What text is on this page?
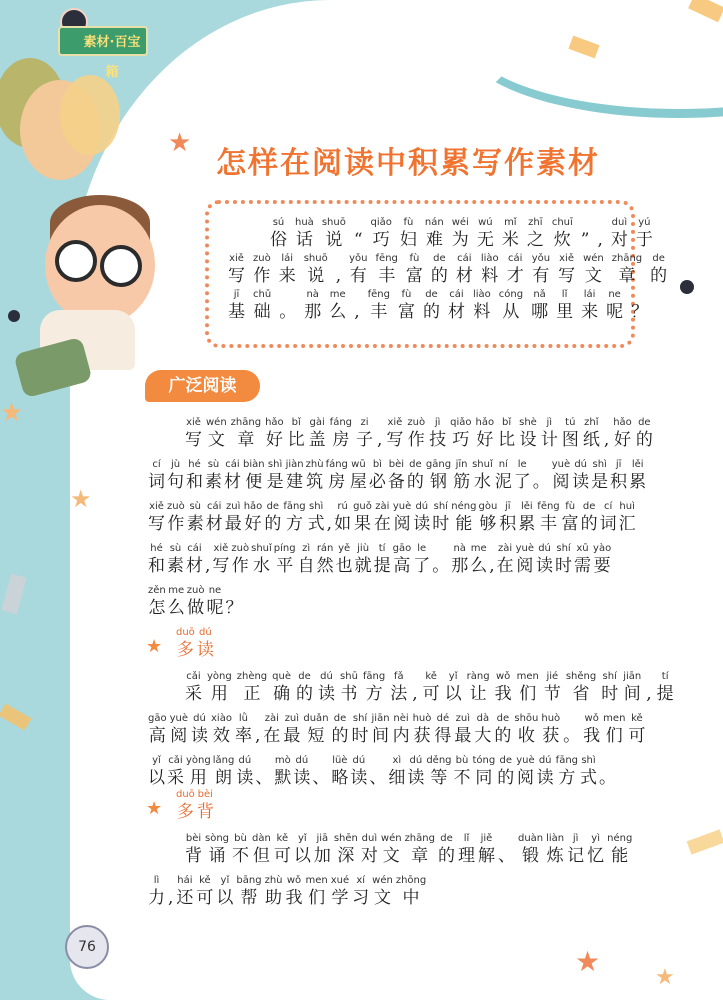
★
★
★
★ ★
素材·百宝箱
怎样在阅读中积累写作素材
sú
俗
huà
话
shuō
说 “
qiǎo
巧
fù
妇
nán
难
wéi
为
wú
无
mǐ
米
zhī
之
chuī
炊 ” ,
duì
对
yú
于
xiě
写
zuò
作
lái
来
shuō
说 ,
yǒu
有
fēng
丰
fù
富
de
的
cái
材
liào
料
cái
才
yǒu
有
xiě
写
wén
文
zhāng
章
de
的
jī
基
chǔ
础 。
nà
那
me
么 ,
fēng
丰
fù
富
de
的
cái
材
liào
料
cóng
从
nǎ
哪
lǐ
里
lái
来
ne
呢 ？
广泛阅读
xiě
写
wén
文
zhāng
章
hǎo
好
bǐ
比
gài
盖
fáng
房
zi
子 ,
xiě
写
zuò
作
jì
技
qiǎo
巧
hǎo
好
bǐ
比
shè
设
jì
计
tú
图
zhǐ
纸 ,
hǎo
好
de
的
cí
词
jù
句
hé
和
sù
素
cái
材
biàn
便
shì
是
jiàn
建
zhù
筑
fáng
房
wū
屋
bì
必
bèi
备
de
的
gāng
钢
jīn
筋
shuǐ
水
ní
泥
le
了 。
yuè
阅
dú
读
shì
是
jī
积
lěi
累
xiě
写
zuò
作
sù
素
cái
材
zuì
最
hǎo
好
de
的
fāng
方
shì
式 ,
rú
如
guǒ
果
zài
在
yuè
阅
dú
读
shí
时
néng
能
gòu
够
jī
积
lěi
累
fēng
丰
fù
富
de
的
cí
词
huì
汇
hé
和
sù
素
cái
材 ,
xiě
写
zuò
作
shuǐ
水
píng
平
zì
自
rán
然
yě
也
jiù
就
tí
提
gāo
高
le
了 。
nà
那
me
么 ,
zài
在
yuè
阅
dú
读
shí
时
xū
需
yào
要
zěn
怎
me
么
zuò
做
ne
呢 ？
★
duō
多
dú
读
cǎi
采
yòng
用
zhèng
正
què
确
de
的
dú
读
shū
书
fāng
方
fǎ
法 ,
kě
可
yǐ
以
ràng
让
wǒ
我
men
们
jié
节
shěng
省
shí
时
jiān
间 ,
tí
提
gāo
高
yuè
阅
dú
读
xiào
效
lǜ
率 ,
zài
在
zuì
最
duǎn
短
de
的
shí
时
jiān
间
nèi
内
huò
获
dé
得
zuì
最
dà
大
de
的
shōu
收
huò
获 。
wǒ
我
men
们
kě
可
yǐ
以
cǎi
采
yòng
用
lǎng
朗
dú
读 、
mò
默
dú
读 、
lüè
略
dú
读 、
xì
细
dú
读
děng
等
bù
不
tóng
同
de
的
yuè
阅
dú
读
fāng
方
shì
式 。
★
duō
多
bèi
背
bèi
背
sòng
诵
bù
不
dàn
但
kě
可
yǐ
以
jiā
加
shēn
深
duì
对
wén
文
zhāng
章
de
的
lǐ
理
jiě
解 、
duàn
锻
liàn
炼
jì
记
yì
忆
néng
能
lì
力 ,
hái
还
kě
可
yǐ
以
bāng
帮
zhù
助
wǒ
我
men
们
xué
学
xí
习
wén
文
zhōng
中
76
